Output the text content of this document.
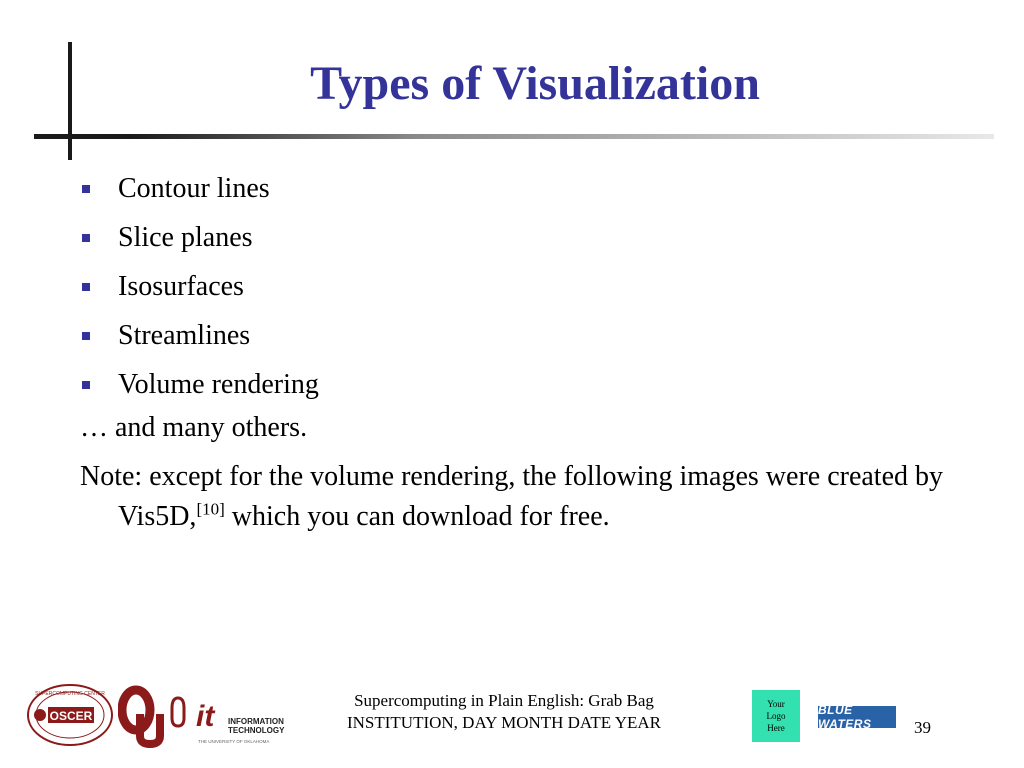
Types of Visualization
Contour lines
Slice planes
Isosurfaces
Streamlines
Volume rendering
… and many others.
Note: except for the volume rendering, the following images were created by Vis5D,[10] which you can download for free.
OSCER
SUPERCOMPUTING CENTER
OU
it INFORMATION
TECHNOLOGY
THE UNIVERSITY OF OKLAHOMA
Supercomputing in Plain English: Grab Bag
INSTITUTION, DAY MONTH DATE YEAR
Your
Logo
Here
BLUE WATERS	39
